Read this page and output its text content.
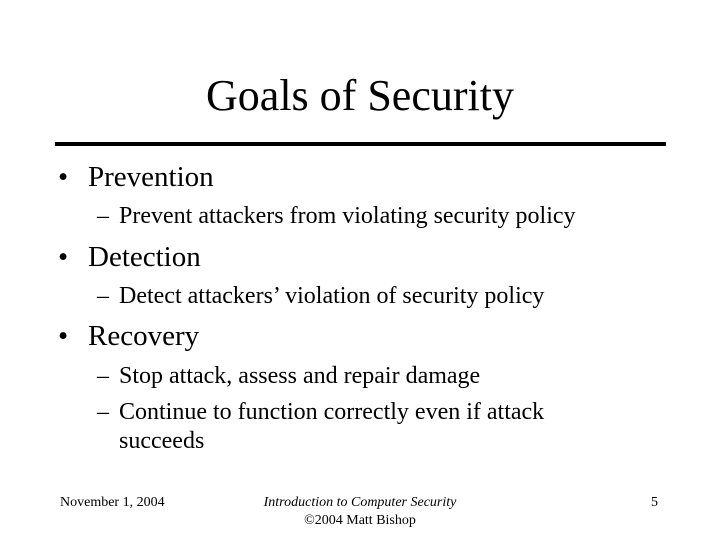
Goals of Security
• Prevention
– Prevent attackers from violating security policy
• Detection
– Detect attackers’ violation of security policy
• Recovery
– Stop attack, assess and repair damage
– Continue to function correctly even if attack
succeeds
November 1, 2004	Introduction to Computer Security
©2004 Matt Bishop
5
